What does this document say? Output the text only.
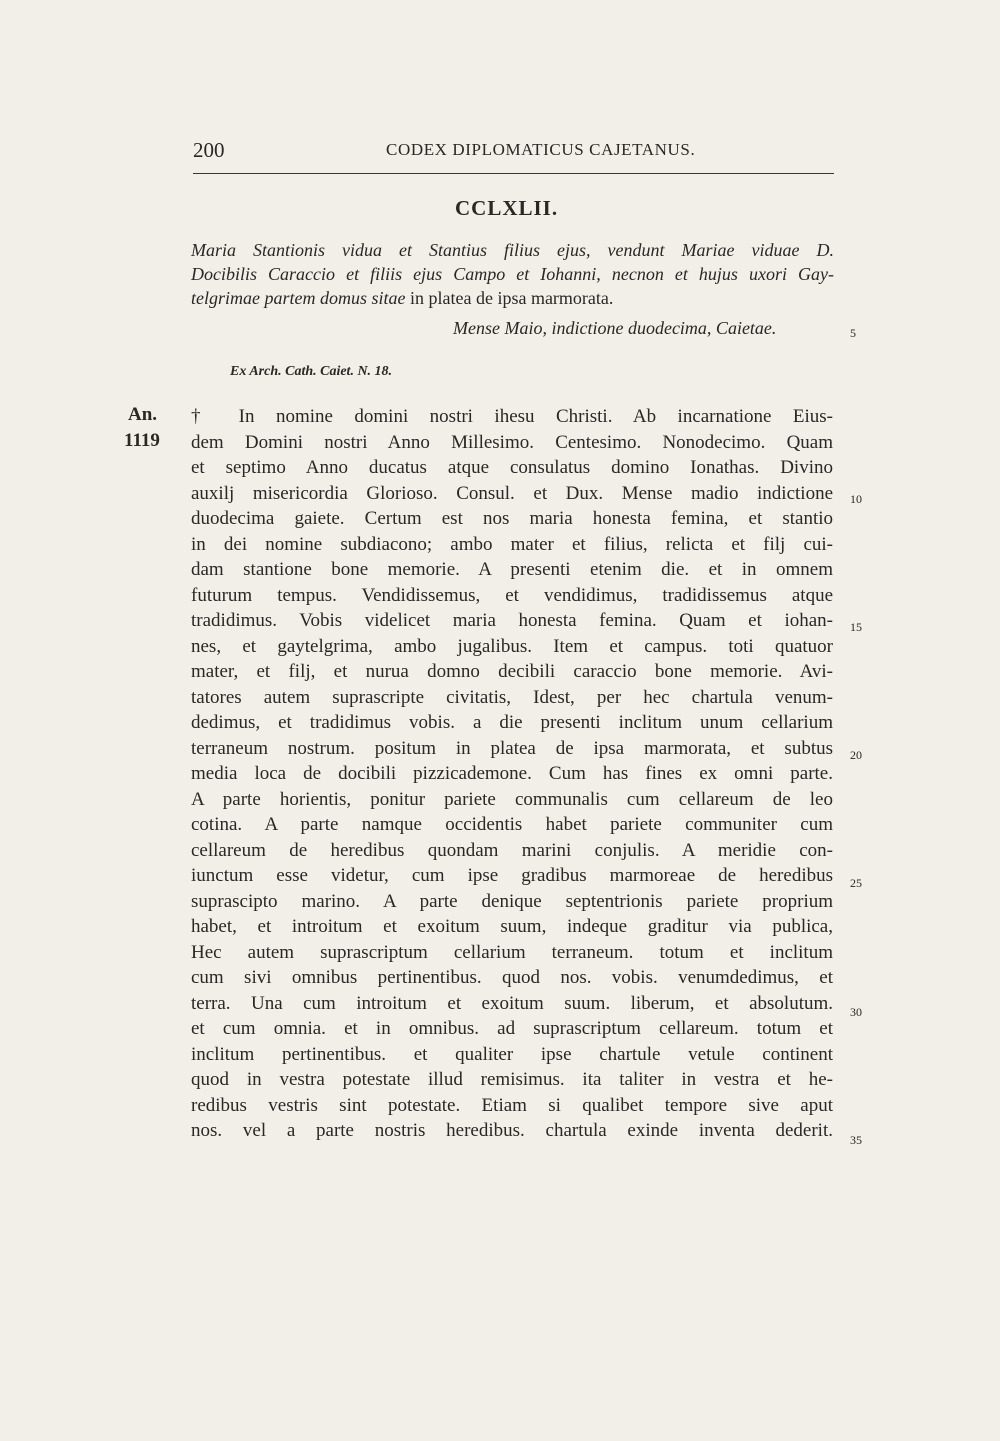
200	CODEX DIPLOMATICUS CAJETANUS.
CCLXLII.
Maria Stantionis vidua et Stantius filius ejus, vendunt Mariae viduae D.
Docibilis Caraccio et filiis ejus Campo et Iohanni, necnon et hujus uxori Gay-
telgrimae partem domus sitae in platea de ipsa marmorata.
Mense Maio, indictione duodecima, Caietae.
Ex Arch. Cath. Caiet. N. 18.
An.
1119
5
10
15
20
25
30
35
† In nomine domini nostri ihesu Christi. Ab incarnatione Eius-
dem Domini nostri Anno Millesimo. Centesimo. Nonodecimo. Quam
et septimo Anno ducatus atque consulatus domino Ionathas. Divino
auxilj misericordia Glorioso. Consul. et Dux. Mense madio indictione
duodecima gaiete. Certum est nos maria honesta femina, et stantio
in dei nomine subdiacono; ambo mater et filius, relicta et filj cui-
dam stantione bone memorie. A presenti etenim die. et in omnem
futurum tempus. Vendidissemus, et vendidimus, tradidissemus atque
tradidimus. Vobis videlicet maria honesta femina. Quam et iohan-
nes, et gaytelgrima, ambo jugalibus. Item et campus. toti quatuor
mater, et filj, et nurua domno decibili caraccio bone memorie. Avi-
tatores autem suprascripte civitatis, Idest, per hec chartula venum-
dedimus, et tradidimus vobis. a die presenti inclitum unum cellarium
terraneum nostrum. positum in platea de ipsa marmorata, et subtus
media loca de docibili pizzicademone. Cum has fines ex omni parte.
A parte horientis, ponitur pariete communalis cum cellareum de leo
cotina. A parte namque occidentis habet pariete communiter cum
cellareum de heredibus quondam marini conjulis. A meridie con-
iunctum esse videtur, cum ipse gradibus marmoreae de heredibus
suprascipto marino. A parte denique septentrionis pariete proprium
habet, et introitum et exoitum suum, indeque graditur via publica,
Hec autem suprascriptum cellarium terraneum. totum et inclitum
cum sivi omnibus pertinentibus. quod nos. vobis. venumdedimus, et
terra. Una cum introitum et exoitum suum. liberum, et absolutum.
et cum omnia. et in omnibus. ad suprascriptum cellareum. totum et
inclitum pertinentibus. et qualiter ipse chartule vetule continent
quod in vestra potestate illud remisimus. ita taliter in vestra et he-
redibus vestris sint potestate. Etiam si qualibet tempore sive aput
nos. vel a parte nostris heredibus. chartula exinde inventa dederit.
